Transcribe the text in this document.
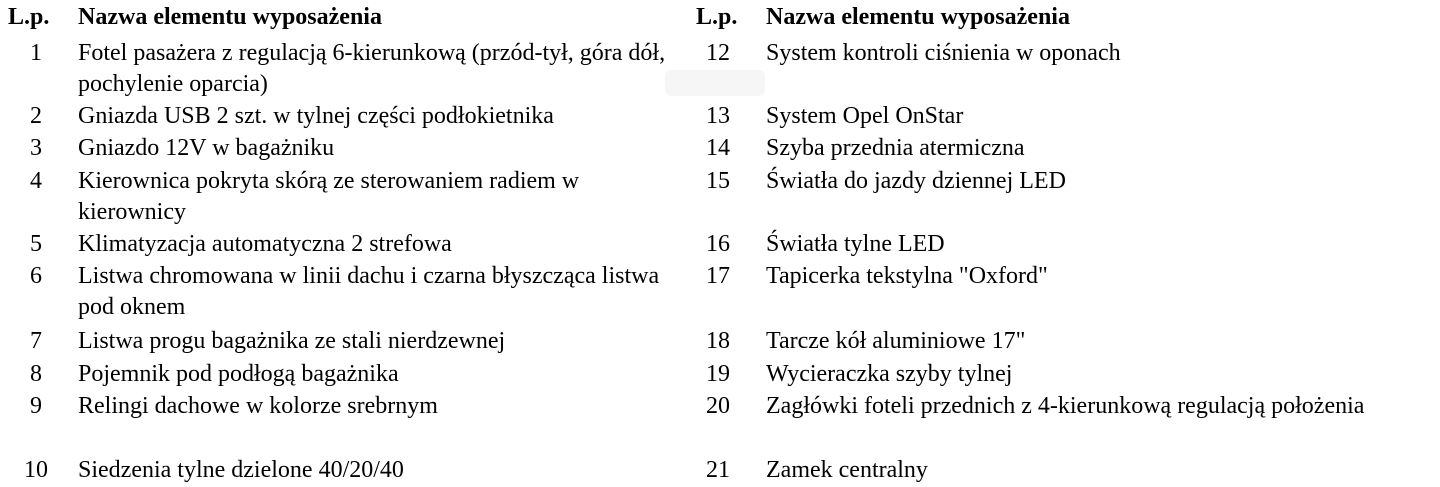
L.p.	Nazwa elementu wyposażenia
1	Fotel pasażera z regulacją 6-kierunkową (przód-tył, góra dół, pochylenie oparcia)
2	Gniazda USB 2 szt. w tylnej części podłokietnika
3	Gniazdo 12V w bagażniku
4	Kierownica pokryta skórą ze sterowaniem radiem w kierownicy
5	Klimatyzacja automatyczna 2 strefowa
6	Listwa chromowana w linii dachu i czarna błyszcząca listwa pod oknem
7	Listwa progu bagażnika ze stali nierdzewnej
8	Pojemnik pod podłogą bagażnika
9	Relingi dachowe w kolorze srebrnym
10	Siedzenia tylne dzielone 40/20/40
L.p.	Nazwa elementu wyposażenia
12	System kontroli ciśnienia w oponach
13	System Opel OnStar
14	Szyba przednia atermiczna
15	Światła do jazdy dziennej LED
16	Światła tylne LED
17	Tapicerka tekstylna "Oxford"
18	Tarcze kół aluminiowe 17"
19	Wycieraczka szyby tylnej
20	Zagłówki foteli przednich z 4-kierunkową regulacją położenia
21	Zamek centralny
